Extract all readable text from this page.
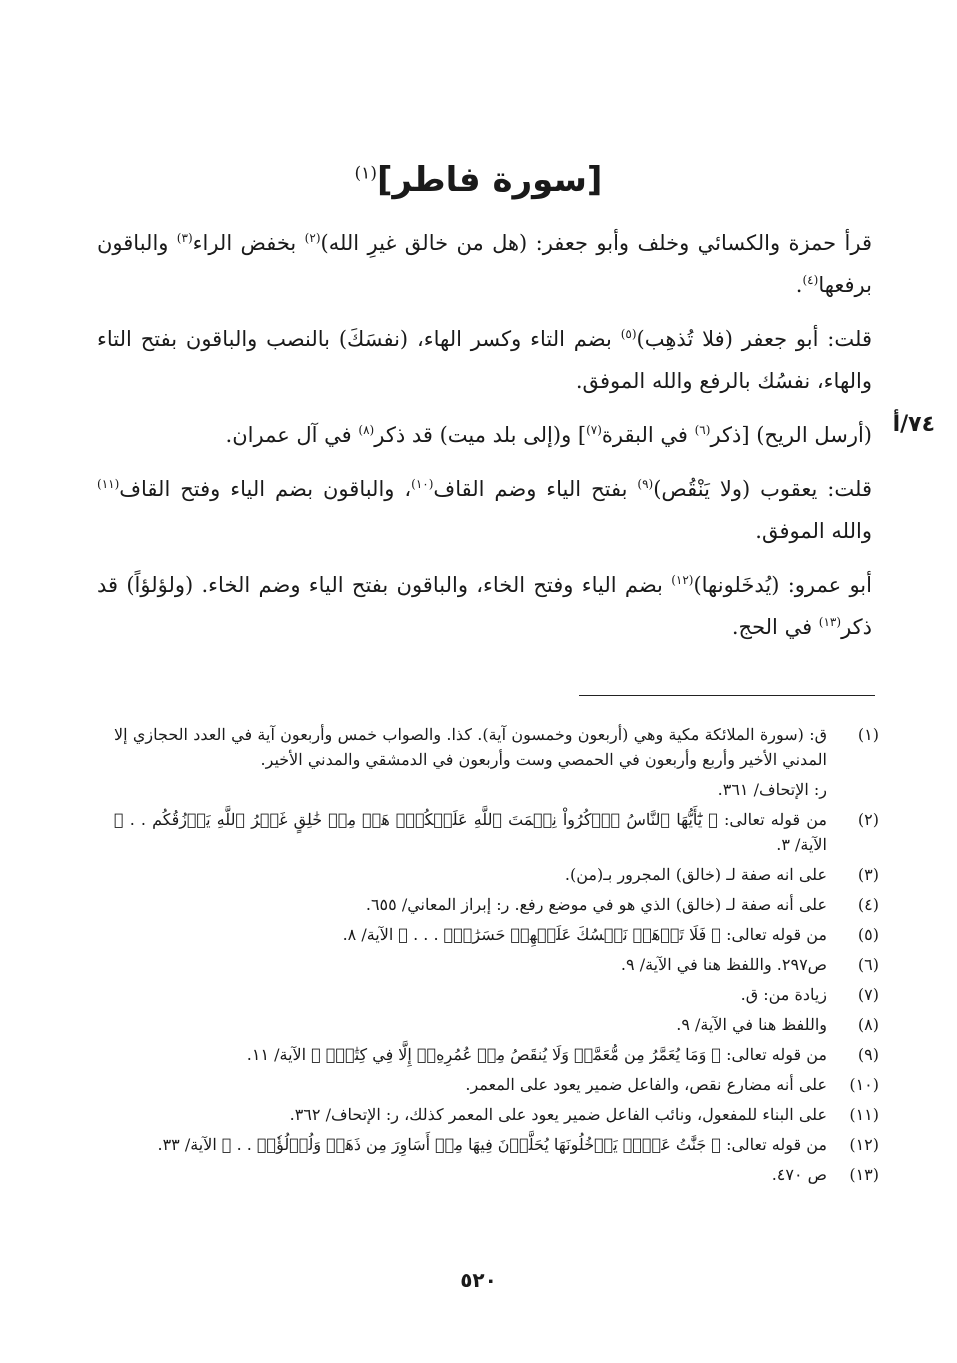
[سورة فاطر]$^{(١)}$
٧٤/أ

قرأ حمزة والكسائي وخلف وأبو جعفر: (هل من خالق غيرِ الله)$^{(٢)}$ بخفض الراء$^{(٣)}$ والباقون برفعها$^{(٤)}$.

قلت: أبو جعفر (فلا تُذهِب)$^{(٥)}$ بضم التاء وكسر الهاء، (نفسَكَ) بالنصب والباقون بفتح التاء والهاء، نفسُك بالرفع والله الموفق.

(أرسل الريح) [ذكر$^{(٦)}$ في البقرة$^{(٧)}$] و(إلى بلد ميت) قد ذكر$^{(٨)}$ في آل عمران.

قلت: يعقوب (ولا يَنْقُص)$^{(٩)}$ بفتح الياء وضم القاف$^{(١٠)}$، والباقون بضم الياء وفتح القاف$^{(١١)}$ والله الموفق.

أبو عمرو: (يُدخَلونها)$^{(١٢)}$ بضم الياء وفتح الخاء، والباقون بفتح الياء وضم الخاء. (ولؤلؤاً) قد ذكر$^{(١٣)}$ في الحج.

(١)
ق: (سورة الملائكة مكية وهي (أربعون وخمسون آية). كذا. والصواب خمس وأربعون آية في العدد الحجازي إلا المدني الأخير وأربع وأربعون في الحمصي وست وأربعون في الدمشقي والمدني الأخير.
ر: الإتحاف/ ٣٦١.
(٢)
من قوله تعالى: ﴿ يَٰٓأَيُّهَا ٱلنَّاسُ ٱذۡكُرُواْ نِعۡمَتَ ٱللَّهِ عَلَيۡكُمۡۚ هَلۡ مِنۡ خَٰلِقٍ غَيۡرُ ٱللَّهِ يَرۡزُقُكُم . . ﴾ الآية/ ٣.
(٣)
على انه صفة لـ (خالق) المجرور بـ(من).
(٤)
على أنه صفة لـ (خالق) الذي هو في موضع رفع. ر: إبراز المعاني/ ٦٥٥.
(٥)
من قوله تعالى: ﴿ فَلَا تَذۡهَبۡ نَفۡسُكَ عَلَيۡهِمۡ حَسَرَٰتٍۚ . . . ﴾ الآية/ ٨.
(٦)
ص٢٩٧. واللفظ هنا في الآية/ ٩.
(٧)
زيادة من: ق.
(٨)
واللفظ هنا في الآية/ ٩.
(٩)
من قوله تعالى: ﴿ وَمَا يُعَمَّرُ مِن مُّعَمَّرٖ وَلَا يُنقَصُ مِنۡ عُمُرِهِۦٓ إِلَّا فِي كِتَٰبٍۚ ﴾ الآية/ ١١.
(١٠)
على أنه مضارع نقص، والفاعل ضمير يعود على المعمر.
(١١)
على البناء للمفعول، ونائب الفاعل ضمير يعود على المعمر كذلك، ر: الإتحاف/ ٣٦٢.
(١٢)
من قوله تعالى: ﴿ جَنَّٰتُ عَدۡنٖ يَدۡخُلُونَهَا يُحَلَّوۡنَ فِيهَا مِنۡ أَسَاوِرَ مِن ذَهَبٖ وَلُؤۡلُؤٗاۖ . . ﴾ الآية/ ٣٣.
(١٣)
ص ٤٧٠.
٥٢٠
